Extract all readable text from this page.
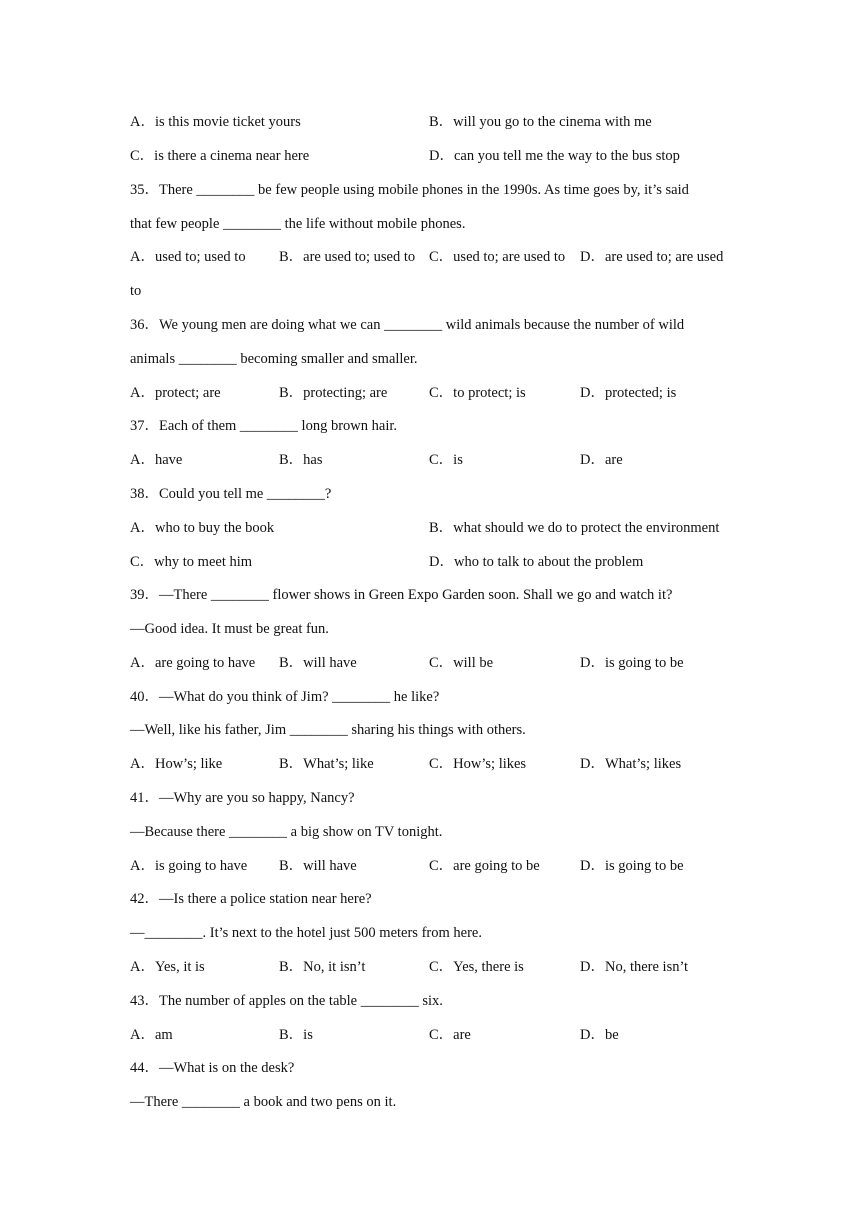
A．is this movie ticket yours	B．will you go to the cinema with me
C．is there a cinema near here	D．can you tell me the way to the bus stop
35．There ________ be few people using mobile phones in the 1990s. As time goes by, it’s said
that few people ________ the life without mobile phones.
A．used to; used to B．are used to; used to C．used to; are used to D．are used to; are used
to
36．We young men are doing what we can ________ wild animals because the number of wild
animals ________ becoming smaller and smaller.
A．protect; are	B．protecting; are	C．to protect; is	D．protected; is
37．Each of them ________ long brown hair.
A．have	B．has	C．is	D．are
38．Could you tell me ________?
A．who to buy the book	B．what should we do to protect the environment
C．why to meet him	D．who to talk to about the problem
39．—There ________ flower shows in Green Expo Garden soon. Shall we go and watch it?
—Good idea. It must be great fun.
A．are going to have B．will have	C．will be	D．is going to be
40．—What do you think of Jim? ________ he like?
—Well, like his father, Jim ________ sharing his things with others.
A．How’s; like	B．What’s; like	C．How’s; likes	D．What’s; likes
41．—Why are you so happy, Nancy?
—Because there ________ a big show on TV tonight.
A．is going to have B．will have	C．are going to be	D．is going to be
42．—Is there a police station near here?
—________. It’s next to the hotel just 500 meters from here.
A．Yes, it is	B．No, it isn’t	C．Yes, there is	D．No, there isn’t
43．The number of apples on the table ________ six.
A．am	B．is	C．are	D．be
44．—What is on the desk?
—There ________ a book and two pens on it.
